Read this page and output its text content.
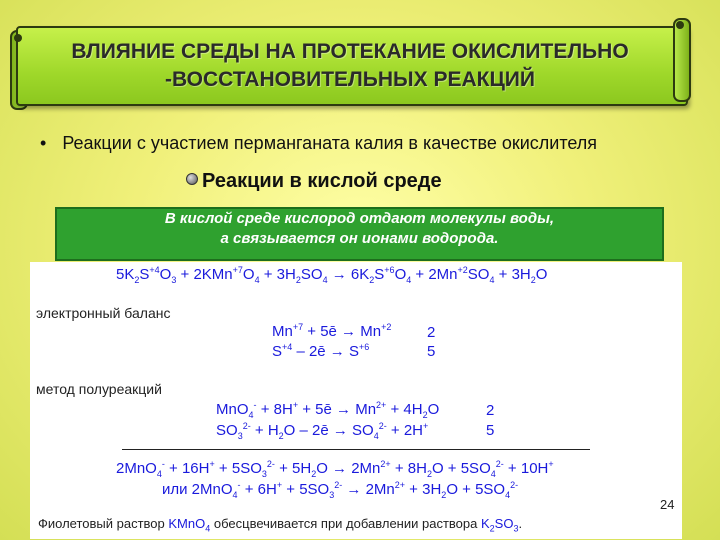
ВЛИЯНИЕ СРЕДЫ НА ПРОТЕКАНИЕ ОКИСЛИТЕЛЬНО
-ВОССТАНОВИТЕЛЬНЫХ РЕАКЦИЙ
• Реакции с участием перманганата калия в качестве окислителя
Реакции в кислой среде
В кислой среде кислород отдают молекулы воды,
а связывается он ионами водорода.
$5K_2S^{+4}O_3 + 2KMn^{+7}O_4 + 3H_2SO_4 \to 6K_2S^{+6}O_4 + 2Mn^{+2}SO_4 + 3H_2O$
электронный баланс
$Mn^{+7}$ + 5ē → $Mn^{+2}$
$S^{+4}$ – 2ē → $S^{+6}$
2
5
метод полуреакций
MnO$_4$- + 8H+ + 5ē → $Mn^{2+} + 4H_2O$
$SO_3^{2-} + H_2O$ – 2ē → $SO_4^{2-} + 2H^+$
2
5
$2MnO_4^- + 16H^+ + 5SO_3^{2-} + 5H_2O \to 2Mn^{2+} + 8H_2O + 5SO_4^{2-} + 10H^+$
или $2MnO_4^- + 6H^+ + 5SO_3^{2-} \to 2Mn^{2+} + 3H_2O + 5SO_4^{2-}$
Фиолетовый раствор KMnO$_4$ обесцвечивается при добавлении раствора $K_2SO_3$.
24
